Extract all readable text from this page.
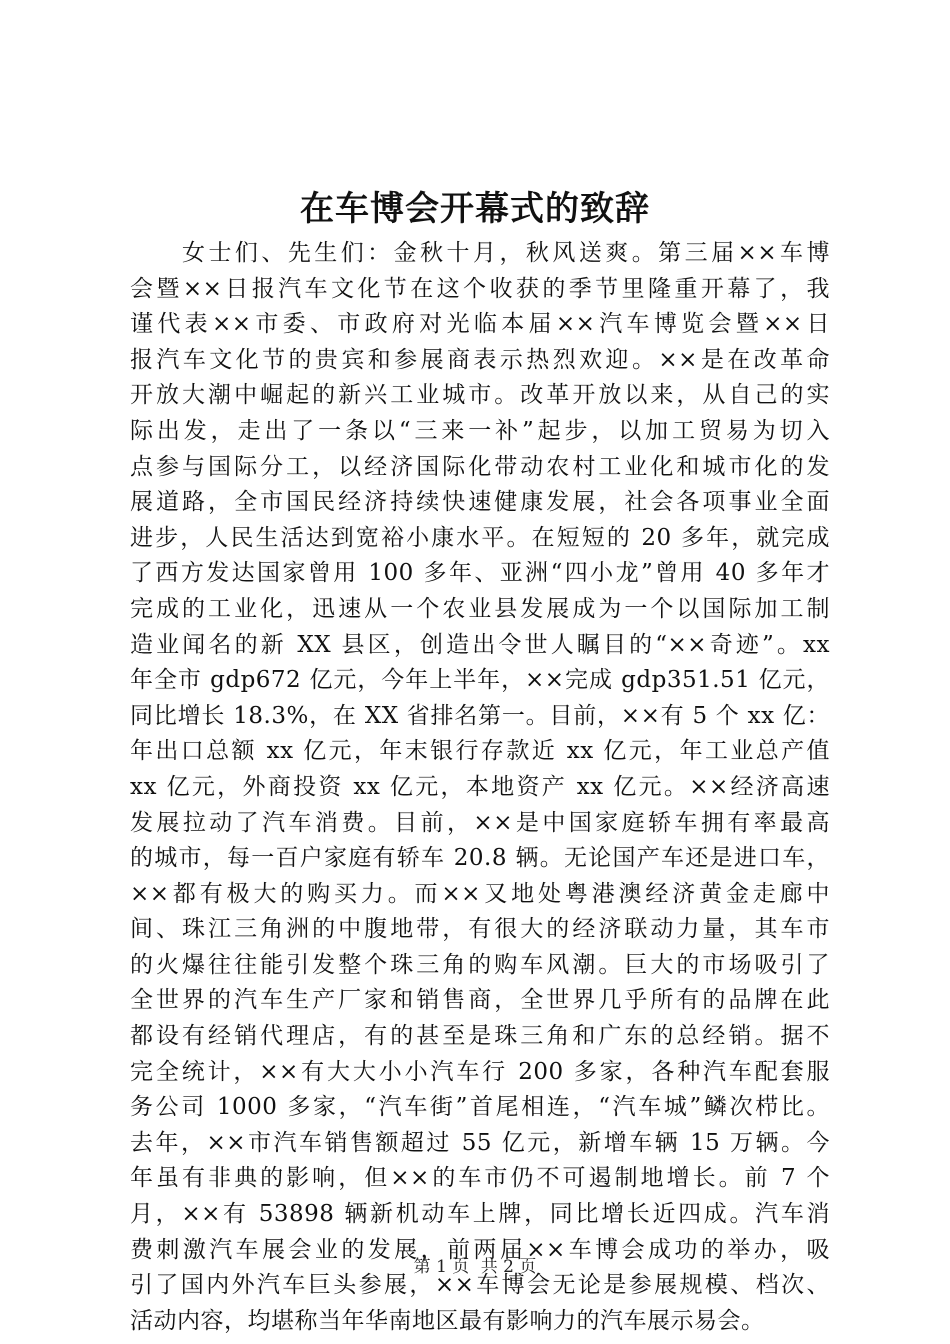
在车博会开幕式的致辞
女士们、先生们：金秋十月，秋风送爽。第三届××车博
会暨××日报汽车文化节在这个收获的季节里隆重开幕了，我
谨代表××市委、市政府对光临本届××汽车博览会暨××日
报汽车文化节的贵宾和参展商表示热烈欢迎。××是在改革命
开放大潮中崛起的新兴工业城市。改革开放以来，从自己的实
际出发，走出了一条以“三来一补”起步，以加工贸易为切入
点参与国际分工，以经济国际化带动农村工业化和城市化的发
展道路，全市国民经济持续快速健康发展，社会各项事业全面
进步，人民生活达到宽裕小康水平。在短短的 20 多年，就完成
了西方发达国家曾用 100 多年、亚洲“四小龙”曾用 40 多年才
完成的工业化，迅速从一个农业县发展成为一个以国际加工制
造业闻名的新 XX 县区，创造出令世人瞩目的“××奇迹”。xx
年全市 gdp672 亿元，今年上半年，××完成 gdp351.51 亿元，
同比增长 18.3%，在 XX 省排名第一。目前，××有 5 个 xx 亿：
年出口总额 xx 亿元，年末银行存款近 xx 亿元，年工业总产值
xx 亿元，外商投资 xx 亿元，本地资产 xx 亿元。××经济高速
发展拉动了汽车消费。目前，××是中国家庭轿车拥有率最高
的城市，每一百户家庭有轿车 20.8 辆。无论国产车还是进口车，
××都有极大的购买力。而××又地处粤港澳经济黄金走廊中
间、珠江三角洲的中腹地带，有很大的经济联动力量，其车市
的火爆往往能引发整个珠三角的购车风潮。巨大的市场吸引了
全世界的汽车生产厂家和销售商，全世界几乎所有的品牌在此
都设有经销代理店，有的甚至是珠三角和广东的总经销。据不
完全统计，××有大大小小汽车行 200 多家，各种汽车配套服
务公司 1000 多家，“汽车街”首尾相连，“汽车城”鳞次栉比。
去年，××市汽车销售额超过 55 亿元，新增车辆 15 万辆。今
年虽有非典的影响，但××的车市仍不可遏制地增长。前 7 个
月，××有 53898 辆新机动车上牌，同比增长近四成。汽车消
费刺激汽车展会业的发展，前两届××车博会成功的举办，吸
引了国内外汽车巨头参展，××车博会无论是参展规模、档次、
活动内容，均堪称当年华南地区最有影响力的汽车展示易会。
第 1 页 共 2 页
